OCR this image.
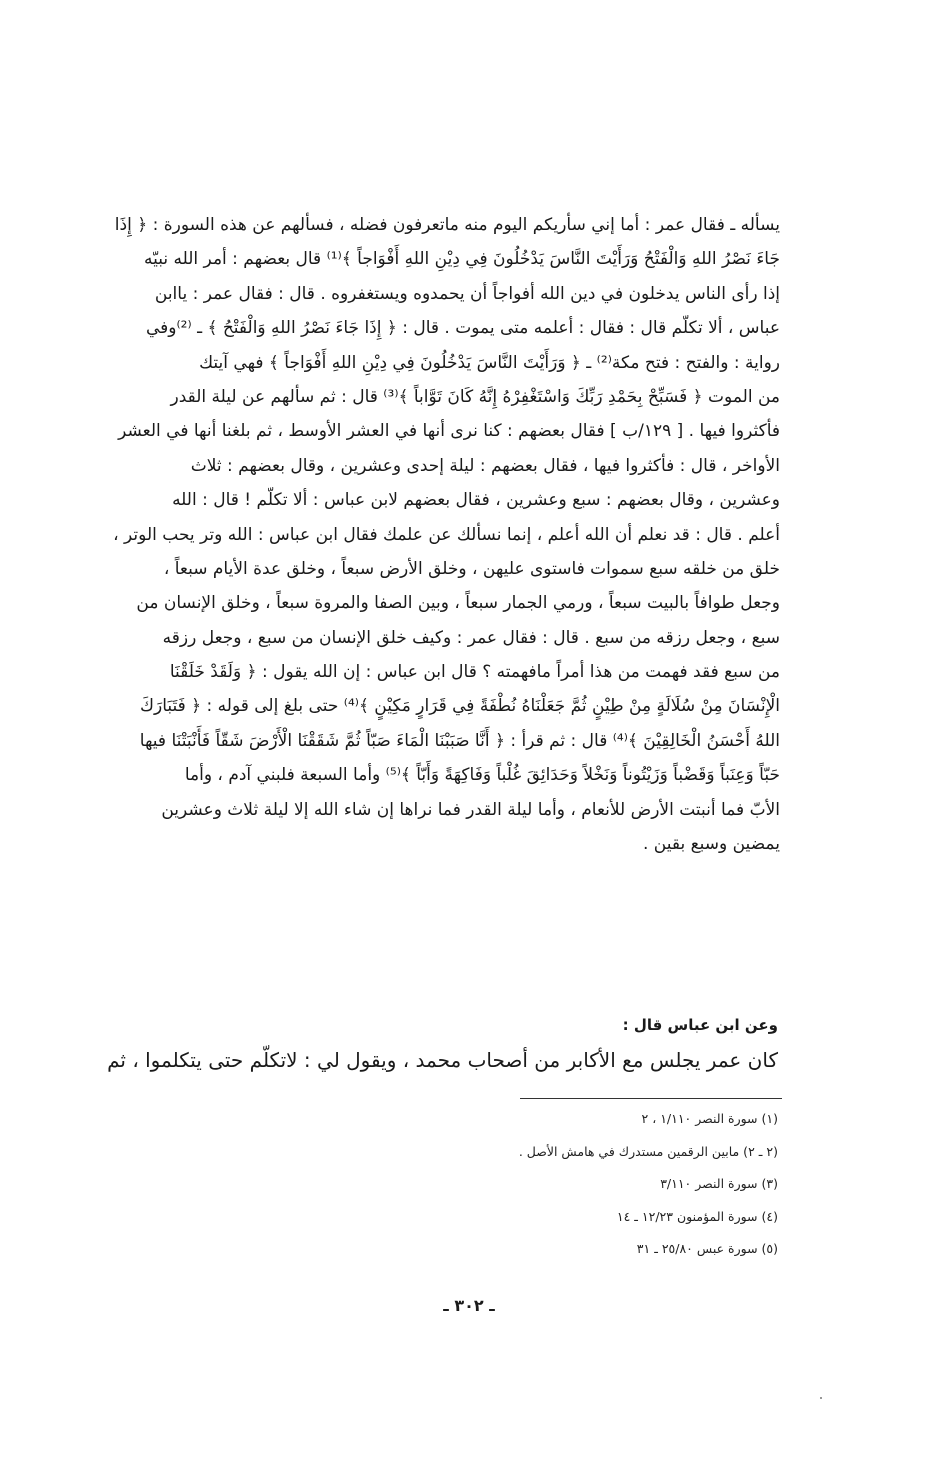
يسأله ـ فقال عمر : أما إني سأريكم اليوم منه ماتعرفون فضله ، فسألهم عن هذه السورة : ﴿ إِذَا
جَاءَ نَصْرُ اللهِ وَالْفَتْحُ وَرَأَيْتَ النَّاسَ يَدْخُلُونَ فِي دِيْنِ اللهِ أَفْوَاجاً ﴾⁽¹⁾ قال بعضهم : أمر الله نبيّه
إذا رأى الناس يدخلون في دين الله أفواجاً أن يحمدوه ويستغفروه . قال : فقال عمر : ياابن
عباس ، ألا تكلّم قال : فقال : أعلمه متى يموت . قال : ﴿ إِذَا جَاءَ نَصْرُ اللهِ وَالْفَتْحُ ﴾ ـ ⁽²⁾وفي
رواية : والفتح : فتح مكة⁽²⁾ ـ ﴿ وَرَأَيْتَ النَّاسَ يَدْخُلُونَ فِي دِيْنِ اللهِ أَفْوَاجاً ﴾ فهي آيتك
من الموت ﴿ فَسَبِّحْ بِحَمْدِ رَبِّكَ وَاسْتَغْفِرْهُ إِنَّهُ كَانَ تَوَّاباً ﴾⁽³⁾ قال : ثم سألهم عن ليلة القدر
فأكثروا فيها . [ ١٢٩/ب ] فقال بعضهم : كنا نرى أنها في العشر الأوسط ، ثم بلغنا أنها في العشر
الأواخر ، قال : فأكثروا فيها ، فقال بعضهم : ليلة إحدى وعشرين ، وقال بعضهم : ثلاث
وعشرين ، وقال بعضهم : سبع وعشرين ، فقال بعضهم لابن عباس : ألا تكلّم ! قال : الله
أعلم . قال : قد نعلم أن الله أعلم ، إنما نسألك عن علمك فقال ابن عباس : الله وتر يحب الوتر ،
خلق من خلقه سبع سموات فاستوى عليهن ، وخلق الأرض سبعاً ، وخلق عدة الأيام سبعاً ،
وجعل طوافاً بالبيت سبعاً ، ورمي الجمار سبعاً ، وبين الصفا والمروة سبعاً ، وخلق الإنسان من
سبع ، وجعل رزقه من سبع . قال : فقال عمر : وكيف خلق الإنسان من سبع ، وجعل رزقه
من سبع فقد فهمت من هذا أمراً مافهمته ؟ قال ابن عباس : إن الله يقول : ﴿ وَلَقَدْ خَلَقْنَا
الْإِنْسَانَ مِنْ سُلَالَةٍ مِنْ طِيْنٍ ثُمَّ جَعَلْنَاهُ نُطْفَةً فِي قَرَارٍ مَكِيْنٍ ﴾⁽⁴⁾ حتى بلغ إلى قوله : ﴿ فَتَبَارَكَ
اللهُ أَحْسَنُ الْخَالِقِيْنَ ﴾⁽⁴⁾ قال : ثم قرأ : ﴿ أَنَّا صَبَبْنَا الْمَاءَ صَبّاً ثُمَّ شَقَقْنَا الْأَرْضَ شَقّاً فَأَنْبَتْنَا فيها
حَبّاً وَعِنَباً وَقَضْباً وَزَيْتُوناً وَنَخْلاً وَحَدَائِقَ غُلْباً وَفَاكِهَةً وَأَبّاً ﴾⁽⁵⁾ وأما السبعة فلبني آدم ، وأما
الأبّ فما أنبتت الأرض للأنعام ، وأما ليلة القدر فما نراها إن شاء الله إلا ليلة ثلاث وعشرين
يمضين وسبع بقين .
وعن ابن عباس قال :
كان عمر يجلس مع الأكابر من أصحاب محمد ، ويقول لي : لاتكلّم حتى يتكلموا ، ثم
(١) سورة النصر ١/١١٠ ، ٢
(٢ ـ ٢) مابين الرقمين مستدرك في هامش الأصل .
(٣) سورة النصر ٣/١١٠
(٤) سورة المؤمنون ١٢/٢٣ ـ ١٤
(٥) سورة عبس ٢٥/٨٠ ـ ٣١
ـ ٣٠٢ ـ
